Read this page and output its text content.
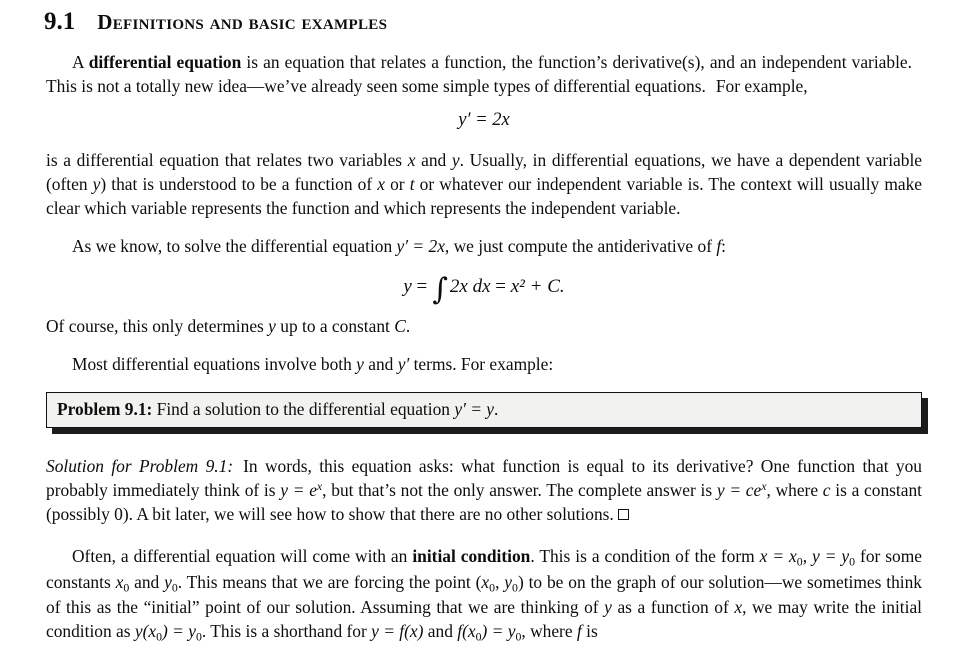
9.1 Definitions and basic examples
A differential equation is an equation that relates a function, the function’s derivative(s), and an independent variable.This is not a totally new idea—we’ve already seen some simple types of differential equations. For example,
y′ = 2x
is a differential equation that relates two variables x and y. Usually, in differential equations, we have a dependent variable (often y) that is understood to be a function of x or t or whatever our independent variable is. The context will usually make clear which variable represents the function and which represents the independent variable.
As we know, to solve the differential equation y′ = 2x, we just compute the antiderivative of f:
y = ∫ 2x dx = x² + C.
Of course, this only determines y up to a constant C.
Most differential equations involve both y and y′ terms. For example:
Problem 9.1: Find a solution to the differential equation y′ = y.
Solution for Problem 9.1: In words, this equation asks: what function is equal to its derivative? One function that you probably immediately think of is $y = e^x$, but that’s not the only answer. The complete answer is $y = ce^x$, where c is a constant (possibly 0). A bit later, we will see how to show that there are no other solutions.
Often, a differential equation will come with an initial condition. This is a condition of the form $x = x_0$, $y = y_0$ for some constants $x_0$ and $y_0$. This means that we are forcing the point ($x_0$, $y_0$) to be on the graph of our solution—we sometimes think of this as the “initial” point of our solution. Assuming that we are thinking of y as a function of x, we may write the initial condition as $y(x_0) = y_0$. This is a shorthand for y = f(x) and $f(x_0) = y_0$, where f is
